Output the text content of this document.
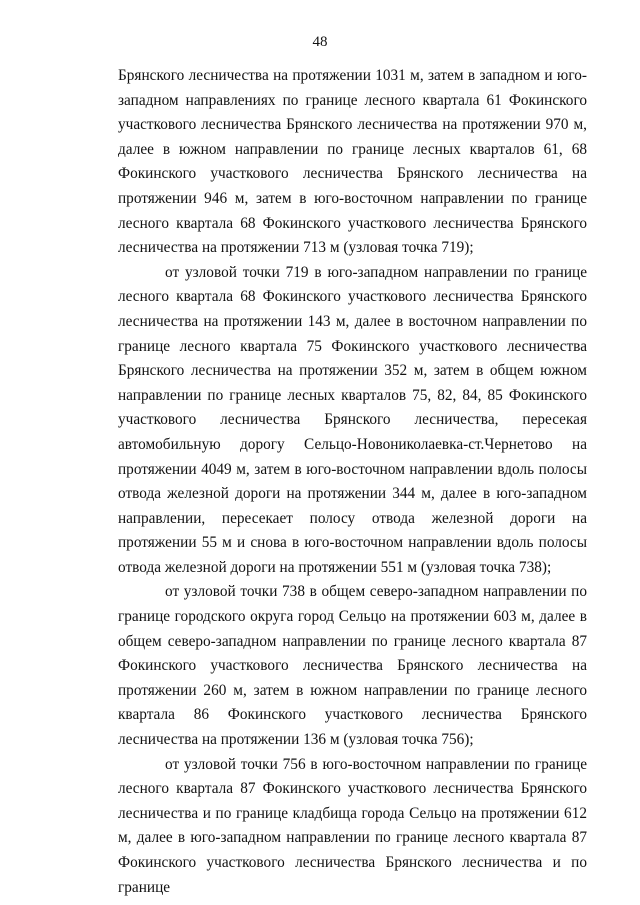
48

Брянского лесничества на протяжении 1031 м, затем в западном и юго-западном направлениях по границе лесного квартала 61 Фокинского участкового лесничества Брянского лесничества на протяжении 970 м, далее в южном направлении по границе лесных кварталов 61, 68 Фокинского участкового лесничества Брянского лесничества на протяжении 946 м, затем в юго-восточном направлении по границе лесного квартала 68 Фокинского участкового лесничества Брянского лесничества на протяжении 713 м (узловая точка 719);

от узловой точки 719 в юго-западном направлении по границе лесного квартала 68 Фокинского участкового лесничества Брянского лесничества на протяжении 143 м, далее в восточном направлении по границе лесного квартала 75 Фокинского участкового лесничества Брянского лесничества на протяжении 352 м, затем в общем южном направлении по границе лесных кварталов 75, 82, 84, 85 Фокинского участкового лесничества Брянского лесничества, пересекая автомобильную дорогу Сельцо-Новониколаевка-ст.Чернетово на протяжении 4049 м, затем в юго-восточном направлении вдоль полосы отвода железной дороги на протяжении 344 м, далее в юго-западном направлении, пересекает полосу отвода железной дороги на протяжении 55 м и снова в юго-восточном направлении вдоль полосы отвода железной дороги на протяжении 551 м (узловая точка 738);

от узловой точки 738 в общем северо-западном направлении по границе городского округа город Сельцо на протяжении 603 м, далее в общем северо-западном направлении по границе лесного квартала 87 Фокинского участкового лесничества Брянского лесничества на протяжении 260 м, затем в южном направлении по границе лесного квартала 86 Фокинского участкового лесничества Брянского лесничества на протяжении 136 м (узловая точка 756);

от узловой точки 756 в юго-восточном направлении по границе лесного квартала 87 Фокинского участкового лесничества Брянского лесничества и по границе кладбища города Сельцо на протяжении 612 м, далее в юго-западном направлении по границе лесного квартала 87 Фокинского участкового лесничества Брянского лесничества и по границе
